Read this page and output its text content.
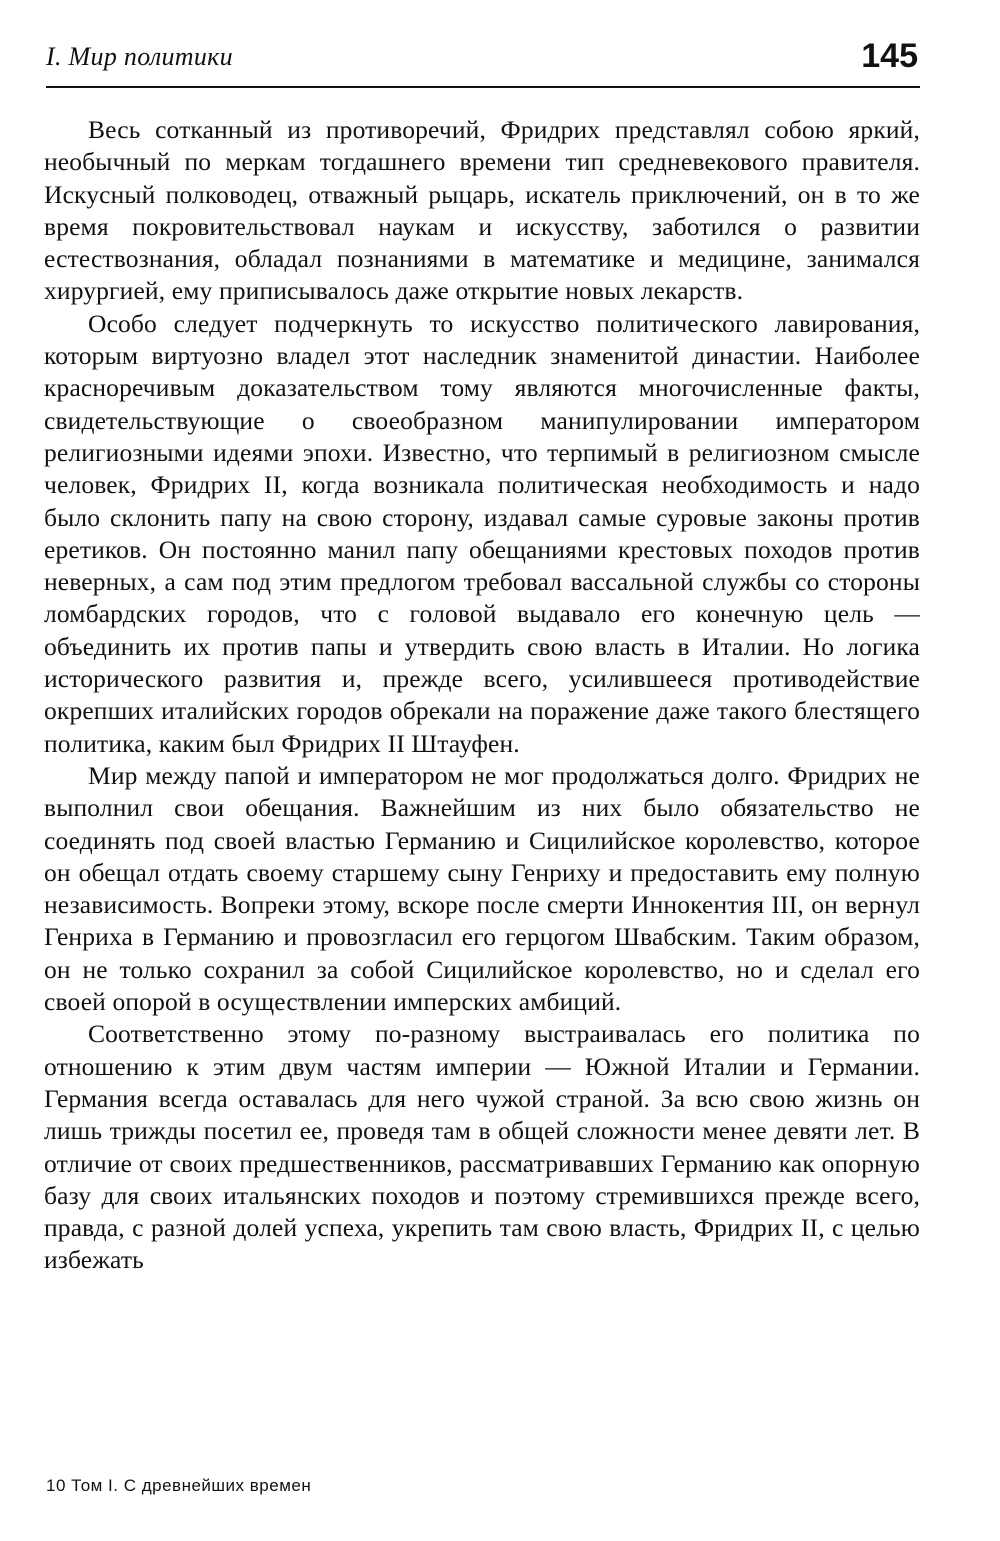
I. Мир политики	145

Весь сотканный из противоречий, Фридрих представлял собою яркий, необычный по меркам тогдашнего времени тип средневекового правителя. Искусный полководец, отважный рыцарь, искатель приключений, он в то же время покровительствовал наукам и искусству, заботился о развитии естествознания, обладал познаниями в математике и медицине, занимался хирургией, ему приписывалось даже открытие новых лекарств.

Особо следует подчеркнуть то искусство политического лавирования, которым виртуозно владел этот наследник знаменитой династии. Наиболее красноречивым доказательством тому являются многочисленные факты, свидетельствующие о своеобразном манипулировании императором религиозными идеями эпохи. Известно, что терпимый в религиозном смысле человек, Фридрих II, когда возникала политическая необходимость и надо было склонить папу на свою сторону, издавал самые суровые законы против еретиков. Он постоянно манил папу обещаниями крестовых походов против неверных, а сам под этим предлогом требовал вассальной службы со стороны ломбардских городов, что с головой выдавало его конечную цель — объединить их против папы и утвердить свою власть в Италии. Но логика исторического развития и, прежде всего, усилившееся противодействие окрепших италийских городов обрекали на поражение даже такого блестящего политика, каким был Фридрих II Штауфен.

Мир между папой и императором не мог продолжаться долго. Фридрих не выполнил свои обещания. Важнейшим из них было обязательство не соединять под своей властью Германию и Сицилийское королевство, которое он обещал отдать своему старшему сыну Генриху и предоставить ему полную независимость. Вопреки этому, вскоре после смерти Иннокентия III, он вернул Генриха в Германию и провозгласил его герцогом Швабским. Таким образом, он не только сохранил за собой Сицилийское королевство, но и сделал его своей опорой в осуществлении имперских амбиций.

Соответственно этому по-разному выстраивалась его политика по отношению к этим двум частям империи — Южной Италии и Германии. Германия всегда оставалась для него чужой страной. За всю свою жизнь он лишь трижды посетил ее, проведя там в общей сложности менее девяти лет. В отличие от своих предшественников, рассматривавших Германию как опорную базу для своих итальянских походов и поэтому стремившихся прежде всего, правда, с разной долей успеха, укрепить там свою власть, Фридрих II, с целью избежать

10 Том I. С древнейших времен
